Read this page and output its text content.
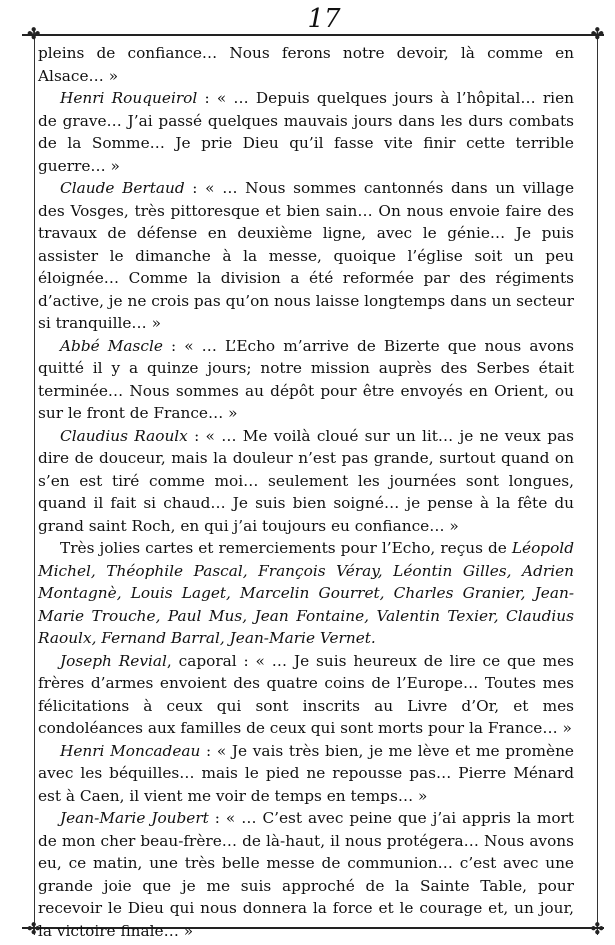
✤	✤
✤	✤
17

pleins de confiance… Nous ferons notre devoir, là comme en Alsace… »

Henri Rouqueirol : « … Depuis quelques jours à l’hôpital… rien de grave… J’ai passé quelques mauvais jours dans les durs combats de la Somme… Je prie Dieu qu’il fasse vite finir cette terrible guerre… »

Claude Bertaud : « … Nous sommes cantonnés dans un village des Vosges, très pittoresque et bien sain… On nous envoie faire des travaux de défense en deuxième ligne, avec le génie… Je puis assister le dimanche à la messe, quoique l’église soit un peu éloignée… Comme la division a été reformée par des régiments d’active, je ne crois pas qu’on nous laisse longtemps dans un secteur si tranquille… »

Abbé Mascle : « … L’Echo m’arrive de Bizerte que nous avons quitté il y a quinze jours; notre mission auprès des Serbes était terminée… Nous sommes au dépôt pour être envoyés en Orient, ou sur le front de France… »

Claudius Raoulx : « … Me voilà cloué sur un lit… je ne veux pas dire de douceur, mais la douleur n’est pas grande, surtout quand on s’en est tiré comme moi… seulement les journées sont longues, quand il fait si chaud… Je suis bien soigné… je pense à la fête du grand saint Roch, en qui j’ai toujours eu confiance… »

Très jolies cartes et remerciements pour l’Echo, reçus de Léopold Michel, Théophile Pascal, François Véray, Léontin Gilles, Adrien Montagnè, Louis Laget, Marcelin Gourret, Charles Granier, Jean-Marie Trouche, Paul Mus, Jean Fontaine, Valentin Texier, Claudius Raoulx, Fernand Barral, Jean-Marie Vernet.

Joseph Revial, caporal : « … Je suis heureux de lire ce que mes frères d’armes envoient des quatre coins de l’Europe… Toutes mes félicitations à ceux qui sont inscrits au Livre d’Or, et mes condoléances aux familles de ceux qui sont morts pour la France… »

Henri Moncadeau : « Je vais très bien, je me lève et me promène avec les béquilles… mais le pied ne repousse pas… Pierre Ménard est à Caen, il vient me voir de temps en temps… »

Jean-Marie Joubert : « … C’est avec peine que j’ai appris la mort de mon cher beau-frère… de là-haut, il nous protégera… Nous avons eu, ce matin, une très belle messe de communion… c’est avec une grande joie que je me suis approché de la Sainte Table, pour recevoir le Dieu qui nous donnera la force et le courage et, un jour, la victoire finale… »
